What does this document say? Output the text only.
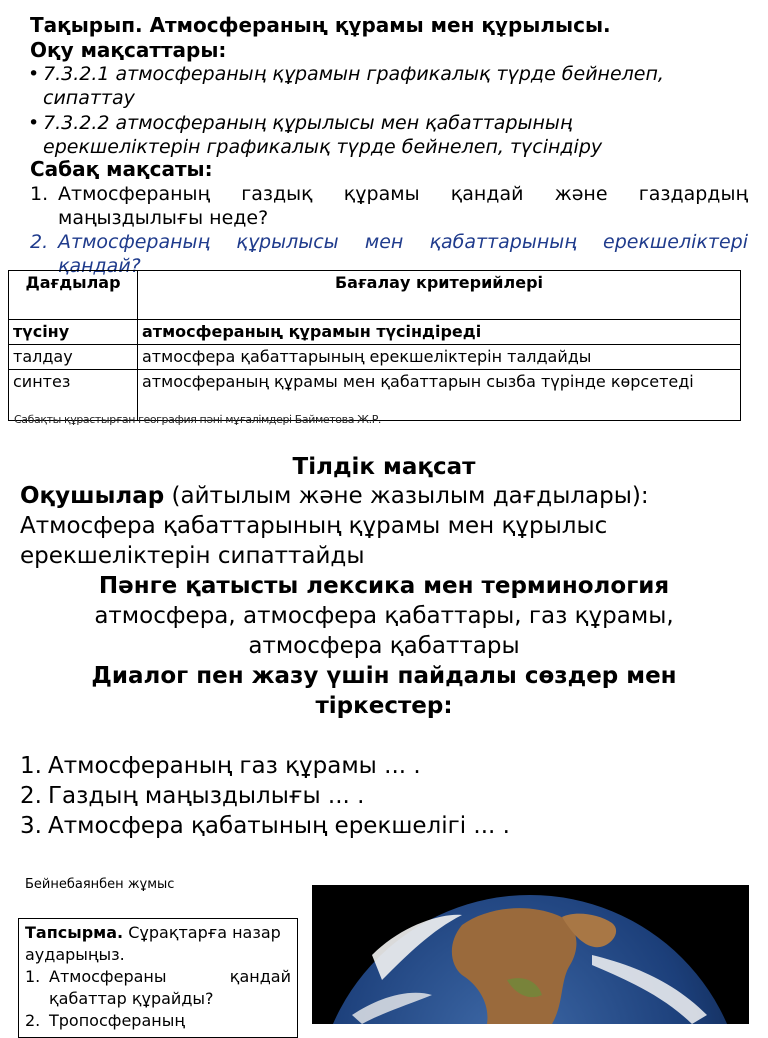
Тақырып. Атмосфераның құрамы мен құрылысы.
Оқу мақсаттары:
• 7.3.2.1 атмосфераның құрамын графикалық түрде бейнелеп, сипаттау
• 7.3.2.2 атмосфераның құрылысы мен қабаттарының ерекшеліктерін графикалық түрде бейнелеп, түсіндіру
Сабақ мақсаты:
1. Атмосфераның газдық құрамы қандай және газдардың маңыздылығы неде?
2. Атмосфераның құрылысы мен қабаттарының ерекшеліктері қандай?
Дағдылар	Бағалау критерийлері
түсіну	атмосфераның құрамын түсіндіреді
талдау	атмосфера қабаттарының ерекшеліктерін талдайды
синтез	атмосфераның құрамы мен қабаттарын сызба түрінде көрсетеді
Сабақты құрастырған география пәні мұғалімдері Байметова Ж.Р.
Тілдік мақсат
Оқушылар (айтылым және жазылым дағдылары): Атмосфера қабаттарының құрамы мен құрылыс ерекшеліктерін сипаттайды
Пәнге қатысты лексика мен терминология
атмосфера, атмосфера қабаттары, газ құрамы, атмосфера қабаттары
Диалог пен жазу үшін пайдалы сөздер мен тіркестер:
1. Атмосфераның газ құрамы ... .
2. Газдың маңыздылығы ... .
3. Атмосфера қабатының ерекшелігі ... .
Бейнебаянбен жұмыс
Тапсырма. Сұрақтарға назар аударыңыз.
1. Атмосфераны қандай қабаттар құрайды?
2. Тропосфераның
